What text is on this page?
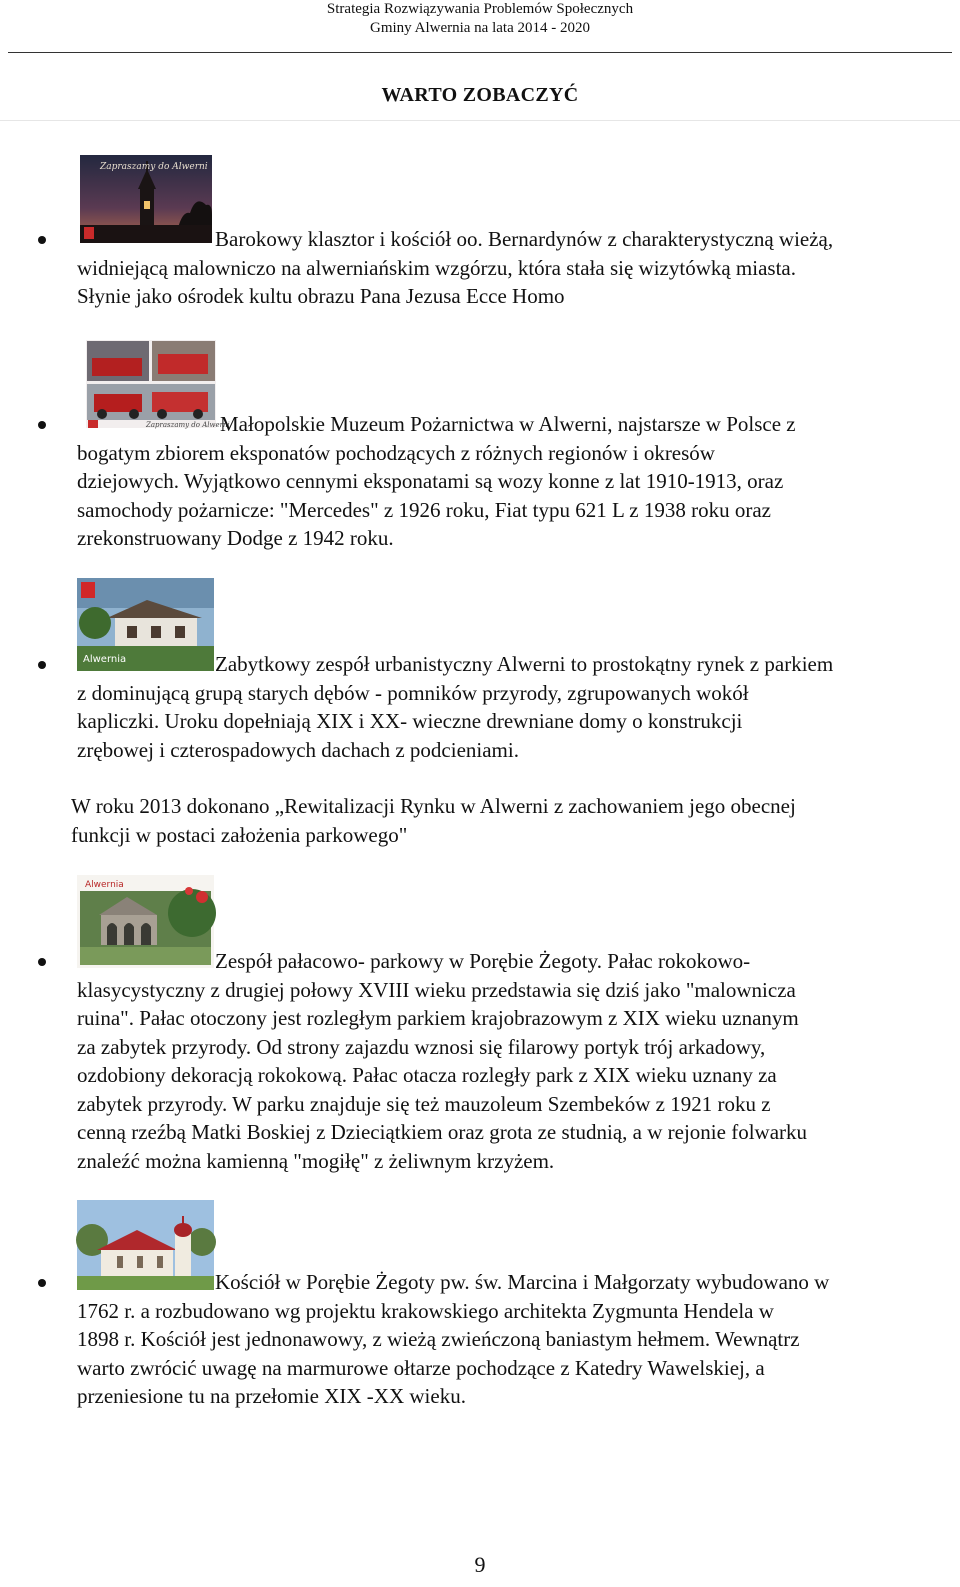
Strategia Rozwiązywania Problemów Społecznych
Gminy Alwernia na lata 2014 - 2020
WARTO ZOBACZYĆ
Zapraszamy do Alwerni
Barokowy klasztor i kościół oo. Bernardynów z charakterystyczną wieżą,
widniejącą malowniczo na alwerniańskim wzgórzu, która stała się wizytówką miasta.
Słynie jako ośrodek kultu obrazu Pana Jezusa Ecce Homo
Zapraszamy do Alwerni
Małopolskie Muzeum Pożarnictwa w Alwerni, najstarsze w Polsce z
bogatym zbiorem eksponatów pochodzących z różnych regionów i okresów
dziejowych. Wyjątkowo cennymi eksponatami są wozy konne z lat 1910-1913, oraz
samochody pożarnicze: "Mercedes" z 1926 roku, Fiat typu 621 L z 1938 roku oraz
zrekonstruowany Dodge z 1942 roku.
Alwernia	Zabytkowy zespół urbanistyczny Alwerni to prostokątny rynek z parkiem
z dominującą grupą starych dębów - pomników przyrody, zgrupowanych wokół
kapliczki. Uroku dopełniają XIX i XX- wieczne drewniane domy o konstrukcji
zrębowej i czterospadowych dachach z podcieniami.
W roku 2013 dokonano „Rewitalizacji Rynku w Alwerni z zachowaniem jego obecnej
funkcji w postaci założenia parkowego"
Alwernia
Zespół pałacowo- parkowy w Porębie Żegoty. Pałac rokokowo-
klasycystyczny z drugiej połowy XVIII wieku przedstawia się dziś jako "malownicza
ruina". Pałac otoczony jest rozległym parkiem krajobrazowym z XIX wieku uznanym
za zabytek przyrody. Od strony zajazdu wznosi się filarowy portyk trój arkadowy,
ozdobiony dekoracją rokokową. Pałac otacza rozległy park z XIX wieku uznany za
zabytek przyrody. W parku znajduje się też mauzoleum Szembeków z 1921 roku z
cenną rzeźbą Matki Boskiej z Dzieciątkiem oraz grota ze studnią, a w rejonie folwarku
znaleźć można kamienną "mogiłę" z żeliwnym krzyżem.
Kościół w Porębie Żegoty pw. św. Marcina i Małgorzaty wybudowano w
1762 r. a rozbudowano wg projektu krakowskiego architekta Zygmunta Hendela w
1898 r. Kościół jest jednonawowy, z wieżą zwieńczoną baniastym hełmem. Wewnątrz
warto zwrócić uwagę na marmurowe ołtarze pochodzące z Katedry Wawelskiej, a
przeniesione tu na przełomie XIX -XX wieku.
9
